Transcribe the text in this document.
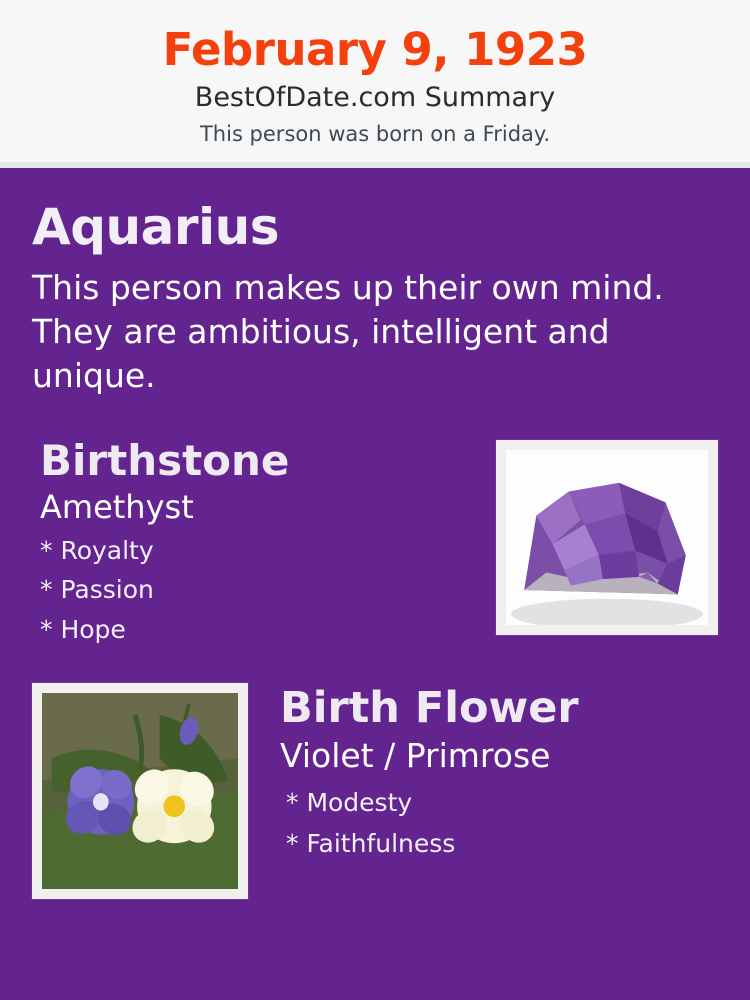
February 9, 1923
BestOfDate.com Summary
This person was born on a Friday.
Aquarius
This person makes up their own mind. They are ambitious, intelligent and unique.
Birthstone
Amethyst
* Royalty
* Passion
* Hope
Birth Flower
Violet / Primrose
* Modesty
* Faithfulness
